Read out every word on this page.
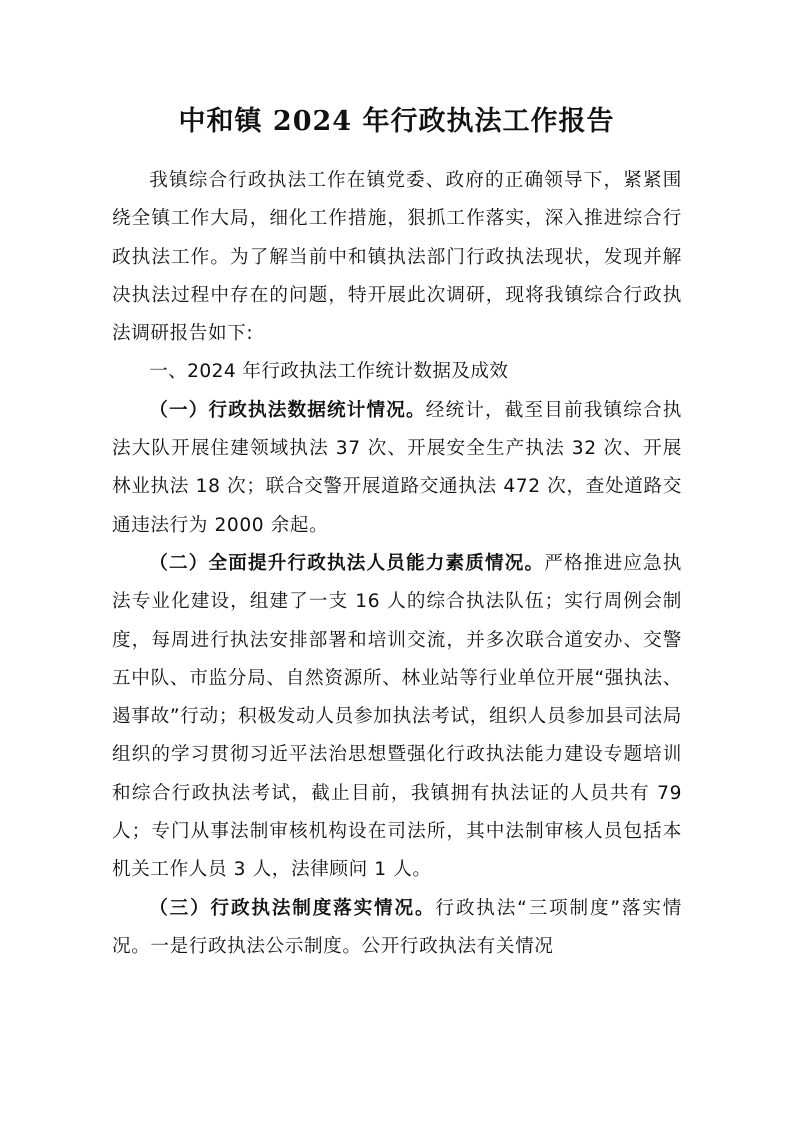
中和镇 2024 年行政执法工作报告

我镇综合行政执法工作在镇党委、政府的正确领导下，紧紧围绕全镇工作大局，细化工作措施，狠抓工作落实，深入推进综合行政执法工作。为了解当前中和镇执法部门行政执法现状，发现并解决执法过程中存在的问题，特开展此次调研，现将我镇综合行政执法调研报告如下:

一、2024 年行政执法工作统计数据及成效

（一）行政执法数据统计情况。经统计，截至目前我镇综合执法大队开展住建领域执法 37 次、开展安全生产执法 32 次、开展林业执法 18 次；联合交警开展道路交通执法 472 次，查处道路交通违法行为 2000 余起。

（二）全面提升行政执法人员能力素质情况。严格推进应急执法专业化建设，组建了一支 16 人的综合执法队伍；实行周例会制度，每周进行执法安排部署和培训交流，并多次联合道安办、交警五中队、市监分局、自然资源所、林业站等行业单位开展“强执法、遏事故”行动；积极发动人员参加执法考试，组织人员参加县司法局组织的学习贯彻习近平法治思想暨强化行政执法能力建设专题培训和综合行政执法考试，截止目前，我镇拥有执法证的人员共有 79 人；专门从事法制审核机构设在司法所，其中法制审核人员包括本机关工作人员 3 人，法律顾问 1 人。

（三）行政执法制度落实情况。行政执法“三项制度”落实情况。一是行政执法公示制度。公开行政执法有关情况
